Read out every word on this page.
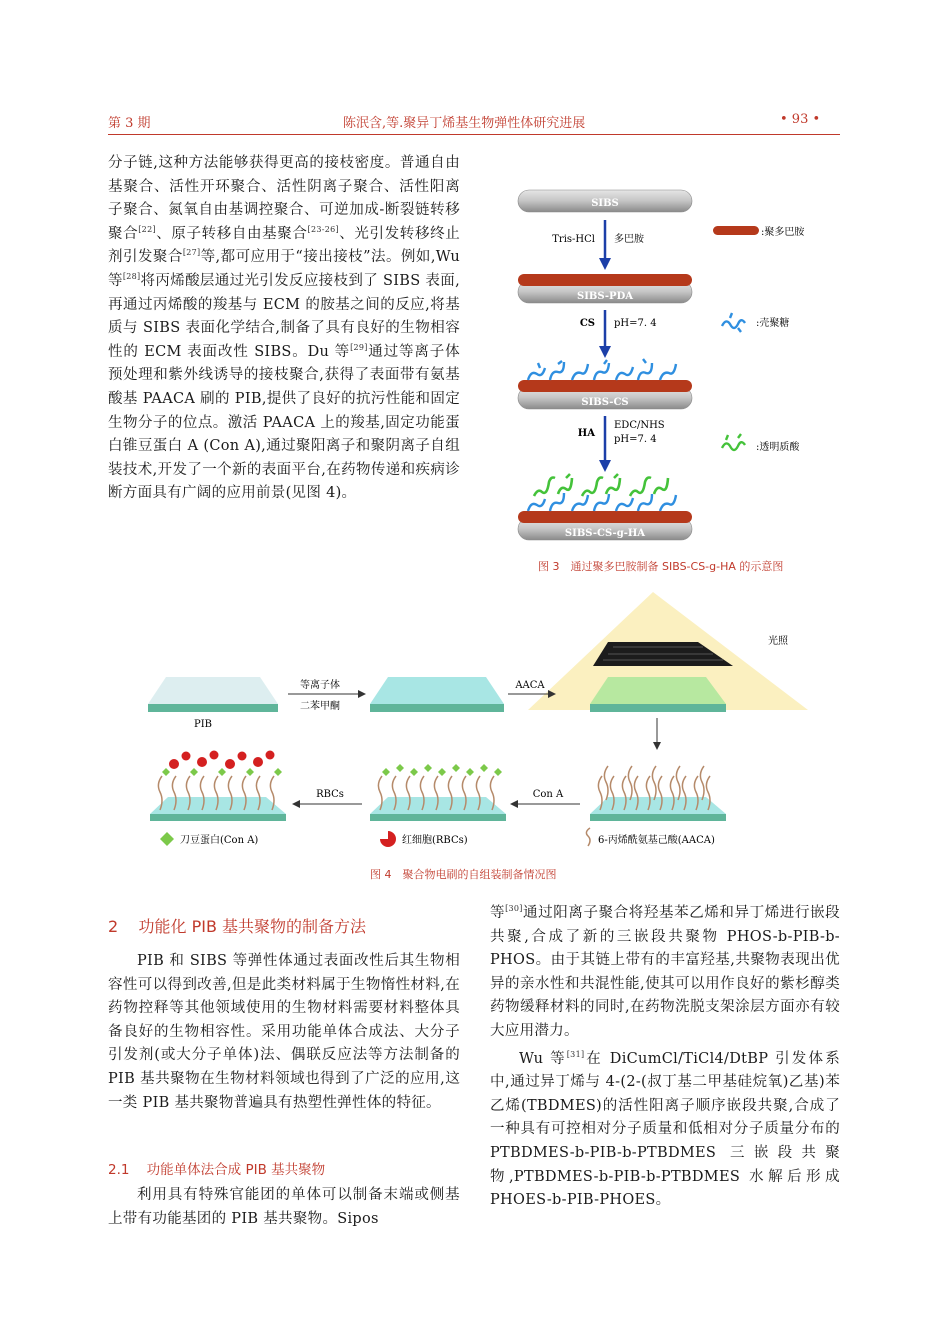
第 3 期	陈泯含,等.聚异丁烯基生物弹性体研究进展	• 93 •

分子链,这种方法能够获得更高的接枝密度。普通自由基聚合、活性开环聚合、活性阴离子聚合、活性阳离子聚合、氮氧自由基调控聚合、可逆加成-断裂链转移聚合[22]、原子转移自由基聚合[23-26]、光引发转移终止剂引发聚合[27]等,都可应用于“接出接枝”法。例如,Wu 等[28]将丙烯酸层通过光引发反应接枝到了 SIBS 表面,再通过丙烯酸的羧基与 ECM 的胺基之间的反应,将基质与 SIBS 表面化学结合,制备了具有良好的生物相容性的 ECM 表面改性 SIBS。Du 等[29]通过等离子体预处理和紫外线诱导的接枝聚合,获得了表面带有氨基酸基 PAACA 刷的 PIB,提供了良好的抗污性能和固定生物分子的位点。激活 PAACA 上的羧基,固定功能蛋白锥豆蛋白 A (Con A),通过聚阳离子和聚阴离子自组装技术,开发了一个新的表面平台,在药物传递和疾病诊断方面具有广阔的应用前景(见图 4)。

SIBS
Tris-HCl 多巴胺
:聚多巴胺
SIBS-PDA
CS pH=7. 4	:壳聚糖
SIBS-CS
HA
EDC/NHS
pH=7. 4
:透明质酸
SIBS-CS-g-HA
图 3　通过聚多巴胺制备 SIBS-CS-g-HA 的示意图
光照
PIB
等离子体
二苯甲酮
AACA
Con A
RBCs
刀豆蛋白(Con A)	红细胞(RBCs)	6-丙烯酰氨基己酸(AACA)
图 4　聚合物电刷的自组装制备情况图
2 功能化 PIB 基共聚物的制备方法

PIB 和 SIBS 等弹性体通过表面改性后其生物相容性可以得到改善,但是此类材料属于生物惰性材料,在药物控释等其他领域使用的生物材料需要材料整体具备良好的生物相容性。采用功能单体合成法、大分子引发剂(或大分子单体)法、偶联反应法等方法制备的 PIB 基共聚物在生物材料领域也得到了广泛的应用,这一类 PIB 基共聚物普遍具有热塑性弹性体的特征。

2.1 功能单体法合成 PIB 基共聚物

利用具有特殊官能团的单体可以制备末端或侧基上带有功能基团的 PIB 基共聚物。Sipos

等[30]通过阳离子聚合将羟基苯乙烯和异丁烯进行嵌段共聚,合成了新的三嵌段共聚物 PHOS-b-PIB-b-PHOS。由于其链上带有的丰富羟基,共聚物表现出优异的亲水性和共混性能,使其可以用作良好的紫杉醇类药物缓释材料的同时,在药物洗脱支架涂层方面亦有较大应用潜力。

Wu 等[31]在 DiCumCl/TiCl4/DtBP 引发体系中,通过异丁烯与 4-(2-(叔丁基二甲基硅烷氧)乙基)苯乙烯(TBDMES)的活性阳离子顺序嵌段共聚,合成了一种具有可控相对分子质量和低相对分子质量分布的 PTBDMES-b-PIB-b-PTBDMES 三嵌段共聚物,PTBDMES-b-PIB-b-PTBDMES 水解后形成 PHOES-b-PIB-PHOES。
